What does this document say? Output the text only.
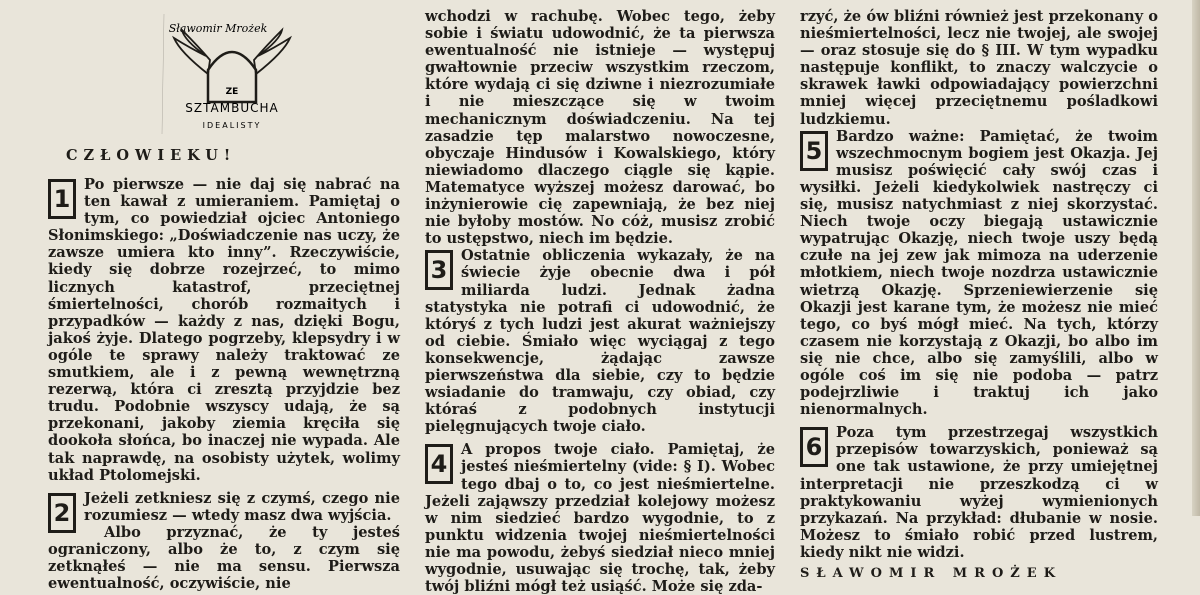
Sławomir Mrożek
ZE
SZTAMBUCHA
IDEALISTY
CZŁOWIEKU!
1

Po pierwsze — nie daj się nabrać na ten kawał z umieraniem. Pamiętaj o tym, co powiedział ojciec Antoniego Słonimskiego: „Doświadczenie nas uczy, że zawsze umiera kto inny”. Rzeczywiście, kiedy się dobrze rozejrzeć, to mimo licznych katastrof, przeciętnej śmiertelności, chorób rozmaitych i przypadków — każdy z nas, dzięki Bogu, jakoś żyje. Dlatego pogrzeby, klepsydry i w ogóle te sprawy należy traktować ze smutkiem, ale i z pewną wewnętrzną rezerwą, która ci zresztą przyjdzie bez trudu. Podobnie wszyscy udają, że są przekonani, jakoby ziemia kręciła się dookoła słońca, bo inaczej nie wypada. Ale tak naprawdę, na osobisty użytek, wolimy układ Ptolomejski.

2

Jeżeli zetkniesz się z czymś, czego nie rozumiesz — wtedy masz dwa wyjścia.

Albo przyznać, że ty jesteś ograniczony, albo że to, z czym się zetknąłeś — nie ma sensu. Pierwsza ewentualność, oczywiście, nie

wchodzi w rachubę. Wobec tego, żeby sobie i światu udowodnić, że ta pierwsza ewentualność nie istnieje — występuj gwałtownie przeciw wszystkim rzeczom, które wydają ci się dziwne i niezrozumiałe i nie mieszczące się w twoim mechanicznym doświadczeniu. Na tej zasadzie tęp malarstwo nowoczesne, obyczaje Hindusów i Kowalskiego, który niewiadomo dlaczego ciągle się kąpie. Matematyce wyższej możesz darować, bo inżynierowie cię zapewniają, że bez niej nie byłoby mostów. No cóż, musisz zrobić to ustępstwo, niech im będzie.

3

Ostatnie obliczenia wykazały, że na świecie żyje obecnie dwa i pół miliarda ludzi. Jednak żadna statystyka nie potrafi ci udowodnić, że któryś z tych ludzi jest akurat ważniejszy od ciebie. Śmiało więc wyciągaj z tego konsekwencje, żądając zawsze pierwszeństwa dla siebie, czy to będzie wsiadanie do tramwaju, czy obiad, czy któraś z podobnych instytucji pielęgnujących twoje ciało.

4

A propos twoje ciało. Pamiętaj, że jesteś nieśmiertelny (vide: § I). Wobec tego dbaj o to, co jest nieśmiertelne. Jeżeli zająwszy przedział kolejowy możesz w nim siedzieć bardzo wygodnie, to z punktu widzenia twojej nieśmiertelności nie ma powodu, żebyś siedział nieco mniej wygodnie, usuwając się trochę, tak, żeby twój bliźni mógł też usiąść. Może się zda-

rzyć, że ów bliźni również jest przekonany o nieśmiertelności, lecz nie twojej, ale swojej — oraz stosuje się do § III. W tym wypadku następuje konflikt, to znaczy walczycie o skrawek ławki odpowiadający powierzchni mniej więcej przeciętnemu pośladkowi ludzkiemu.

5

Bardzo ważne: Pamiętać, że twoim wszechmocnym bogiem jest Okazja. Jej musisz poświęcić cały swój czas i wysiłki. Jeżeli kiedykolwiek nastręczy ci się, musisz natychmiast z niej skorzystać. Niech twoje oczy biegają ustawicznie wypatrując Okazję, niech twoje uszy będą czułe na jej zew jak mimoza na uderzenie młotkiem, niech twoje nozdrza ustawicznie wietrzą Okazję. Sprzeniewierzenie się Okazji jest karane tym, że możesz nie mieć tego, co byś mógł mieć. Na tych, którzy czasem nie korzystają z Okazji, bo albo im się nie chce, albo się zamyślili, albo w ogóle coś im się nie podoba — patrz podejrzliwie i traktuj ich jako nienormalnych.

6

Poza tym przestrzegaj wszystkich przepisów towarzyskich, ponieważ są one tak ustawione, że przy umiejętnej interpretacji nie przeszkodzą ci w praktykowaniu wyżej wymienionych przykazań. Na przykład: dłubanie w nosie. Możesz to śmiało robić przed lustrem, kiedy nikt nie widzi.

SŁAWOMIR MROŻEK
